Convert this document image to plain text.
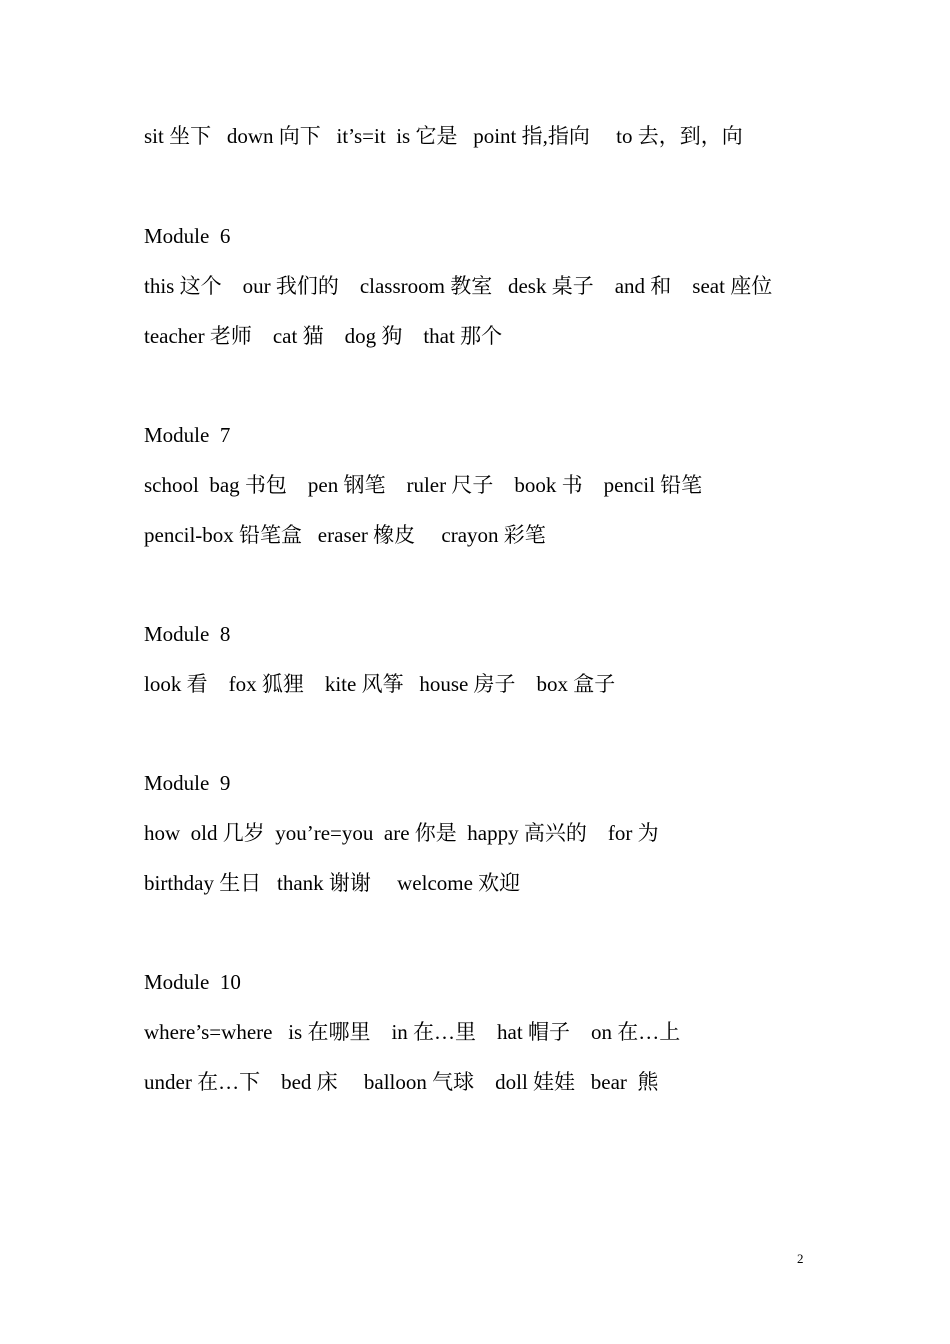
sit 坐下   down 向下   it’s=it  is 它是   point 指,指向     to 去，到，向
Module  6
this 这个    our 我们的    classroom 教室   desk 桌子    and 和    seat 座位
teacher 老师    cat 猫    dog 狗    that 那个
Module  7
school  bag 书包    pen 钢笔    ruler 尺子    book 书    pencil 铅笔
pencil-box 铅笔盒   eraser 橡皮     crayon 彩笔
Module  8
look 看    fox 狐狸    kite 风筝   house 房子    box 盒子
Module  9
how  old 几岁  you’re=you  are 你是  happy 高兴的    for 为
birthday 生日   thank 谢谢     welcome 欢迎
Module  10
where’s=where   is 在哪里    in 在…里    hat 帽子    on 在…上
under 在…下    bed 床     balloon 气球    doll 娃娃   bear  熊
2
